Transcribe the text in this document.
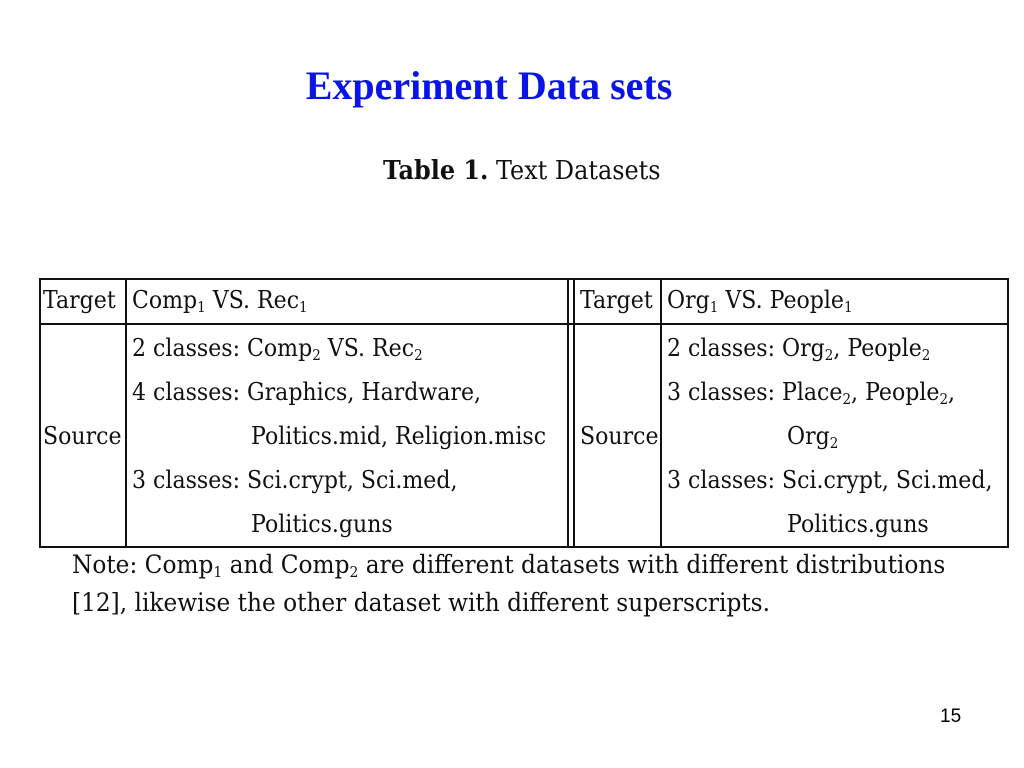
Experiment Data sets
Table 1. Text Datasets
Target Comp$_1$ VS. Rec$_1$
Source
2 classes: Comp$_2$ VS. Rec$_2$
4 classes: Graphics, Hardware,
Politics.mid, Religion.misc
3 classes: Sci.crypt, Sci.med,
Politics.guns
Target Org$_1$ VS. People$_1$
Source
2 classes: Org$_2$, People$_2$
3 classes: Place$_2$, People$_2$,
Org$_2$
3 classes: Sci.crypt, Sci.med,
Politics.guns
Note: Comp$_1$ and Comp$_2$ are different datasets with different distributions
[12], likewise the other dataset with different superscripts.
15
